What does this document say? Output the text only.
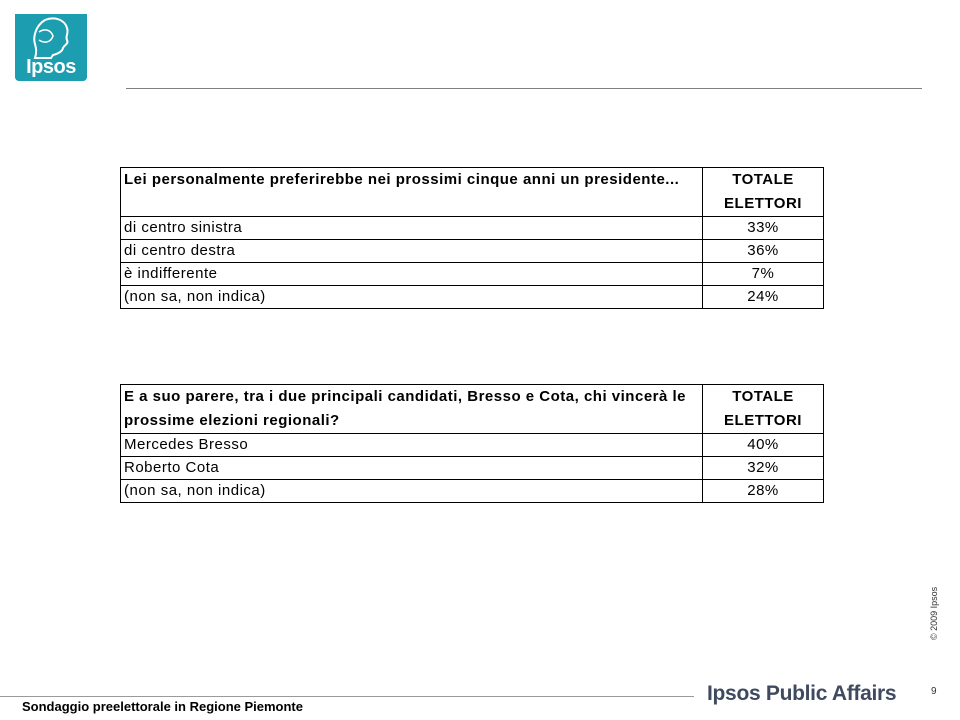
Ipsos
Lei personalmente preferirebbe nei prossimi cinque anni un presidente...	TOTALE ELETTORI
di centro sinistra	33%
di centro destra	36%
è indifferente	7%
(non sa, non indica)	24%
E a suo parere, tra i due principali candidati, Bresso e Cota, chi vincerà le prossime elezioni regionali?	TOTALE ELETTORI
Mercedes Bresso	40%
Roberto Cota	32%
(non sa, non indica)	28%
© 2009 Ipsos
9
Sondaggio preelettorale in Regione Piemonte
Ipsos Public Affairs
